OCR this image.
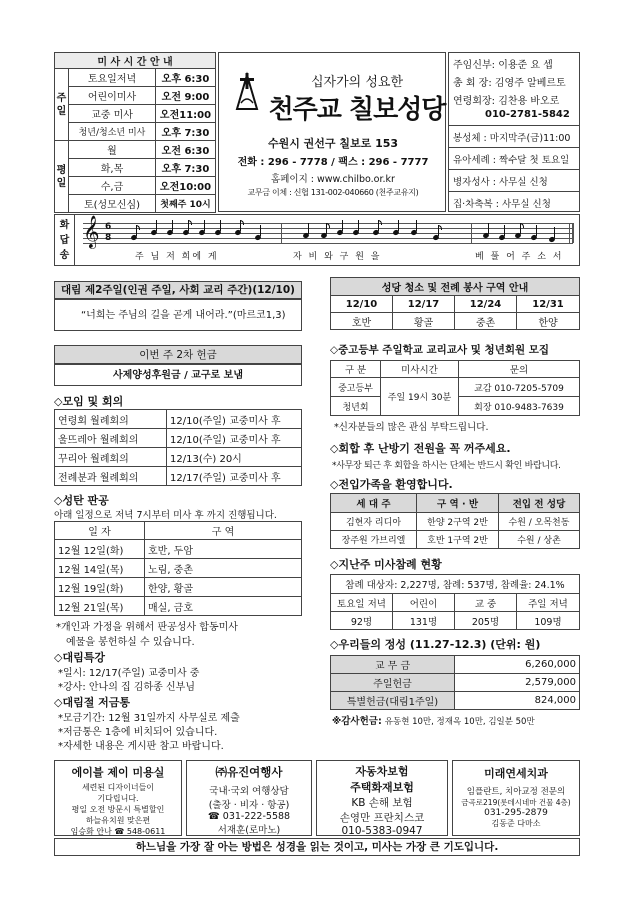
미 사 시 간 안 내		
주일	토요일저녁	오후 6:30
	어린이미사	오전 9:00
	교중 미사	오전11:00
	청년/청소년 미사	오후 7:30
평일	월	오전 6:30
	화,목	오후 7:30
	수,금	오전10:00
	토(성모신심)	첫째주 10시
십자가의 성요한
천주교 칠보성당
수원시 권선구 칠보로 153
전화 : 296 - 7778 / 팩스 : 296 - 7777
홈페이지 : www.chilbo.or.kr
교무금 이체 : 신협 131-002-040660 (천주교유지)
주임신부: 이용준 요 셉
총 회 장: 김영주 알베르토
연령회장: 김찬용 바오로
010-2781-5842
봉성체 : 마지막주(금)11:00
유아세례 : 짝수달 첫 토요일
병자성사 : 사무실 신청
집·차축복 : 사무실 신청
화답송
𝄞 6
8
주 님 저 희에 게	자 비 와 구 원 을	베 풀 어 주 소 서
대림 제2주일(인권 주일, 사회 교리 주간)(12/10)
“너희는 주님의 길을 곧게 내어라.”(마르코1,3)
이번 주 2차 헌금
사제양성후원금 / 교구로 보냄
◇모임 및 회의
연령회 월례회의	12/10(주일) 교중미사 후
울뜨레아 월례회의	12/10(주일) 교중미사 후
꾸리아 월례회의	12/13(수) 20시
전례분과 월례회의	12/17(주일) 교중미사 후
◇성탄 판공
아래 일정으로 저녁 7시부터 미사 후 까지 진행됩니다.
일 자	구 역
12월 12일(화)	호반, 두암
12월 14일(목)	노림, 중촌
12월 19일(화)	한양, 황골
12월 21일(목)	매실, 금호
*개인과 가정을 위해서 판공성사 합동미사
예물을 봉헌하실 수 있습니다.
◇대림특강
*일시: 12/17(주일) 교중미사 중
*강사: 안나의 집 김하종 신부님
◇대림절 저금통
*모금기간: 12월 31일까지 사무실로 제출
*저금통은 1층에 비치되어 있습니다.
*자세한 내용은 게시판 참고 바랍니다.
성당 청소 및 전례 봉사 구역 안내			
12/10	12/17	12/24	12/31
호반	황골	중촌	한양
◇중고등부 주일학교 교리교사 및 청년회원 모집
구 분	미사시간	문의
중고등부	주일 19시 30분	교감 010-7205-5709
청년회		회장 010-9483-7639
*신자분들의 많은 관심 부탁드립니다.
◇회합 후 난방기 전원을 꼭 꺼주세요.
*사무장 퇴근 후 회합을 하시는 단체는 반드시 확인 바랍니다.
◇전입가족을 환영합니다.
세 대 주	구 역 · 반	전입 전 성당
김현자 리디아	한양 2구역 2반	수원 / 오목천동
장주원 가브리엘	호반 1구역 2반	수원 / 상촌
◇지난주 미사참례 현황
참례 대상자: 2,227명, 참례: 537명, 참례율: 24.1%			
토요일 저녁	어린이	교 중	주일 저녁
92명	131명	205명	109명
◇우리들의 정성 (11.27-12.3) (단위: 원)
교 무 금	6,260,000
주일헌금	2,579,000
특별헌금(대림1주일)	824,000
※감사헌금: 유동현 10만, 정재옥 10만, 김일분 50만
에이블 제이 미용실
세련된 디자이너들이
기다립니다.
평일 오전 방문시 특별할인
하늘유치원 맞은편
임승화 안나 ☎ 548-0611
㈜유진여행사
국내·국외 여행상담
(출장 · 비자 · 항공)
☎ 031-222-5588
서재훈(로마노)
자동차보험
주택화재보험
KB 손해 보험
손영만 프란치스코
010-5383-0947
미래연세치과
임플란트, 치아교정 전문의
금곡로219(롯데시네마 건물 4층)
031-295-2879
김동준 다마소
하느님을 가장 잘 아는 방법은 성경을 읽는 것이고, 미사는 가장 큰 기도입니다.
